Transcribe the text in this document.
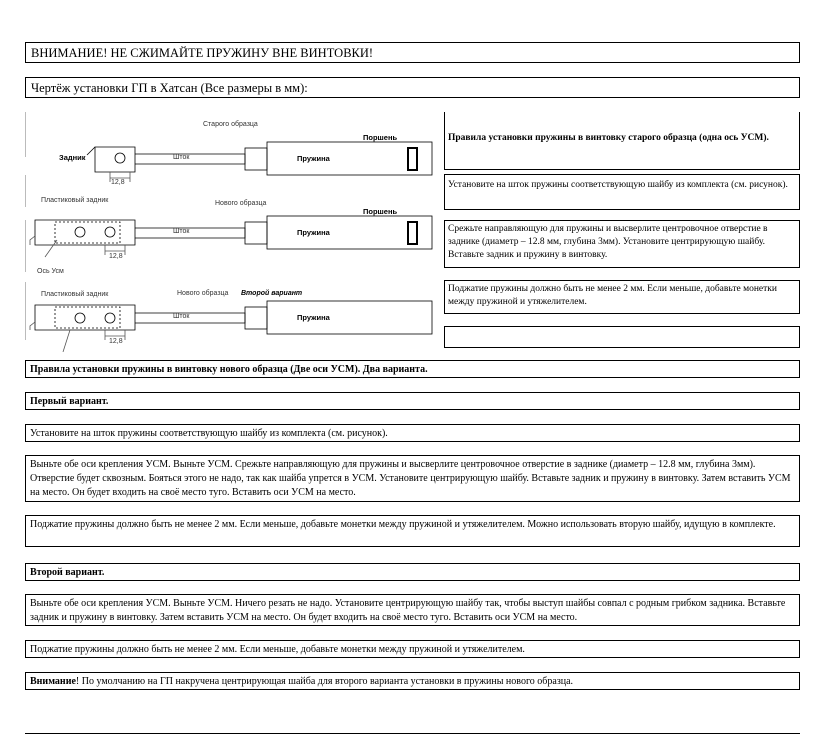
ВНИМАНИЕ! НЕ СЖИМАЙТЕ ПРУЖИНУ ВНЕ ВИНТОВКИ!
Чертёж установки ГП в Хатсан (Все размеры в мм):
Старого образца
Поршень
Задник	Шток	Пружина
12,8
Пластиковый задник	Нового образца
Поршень
Шток	Пружина
12,8
Ось Усм
Пластиковый задник	Нового образца Второй вариант
Шток	Пружина
12,8
Правила установки пружины в винтовку старого образца (одна ось УСМ).
Установите на шток пружины соответствующую шайбу из комплекта (см. рисунок).
Срежьте направляющую для пружины и высверлите центровочное отверстие в заднике (диаметр – 12.8 мм, глубина 3мм). Установите центрирующую шайбу. Вставьте задник и пружину в винтовку.
Поджатие пружины должно быть не менее 2 мм. Если меньше, добавьте монетки между пружиной и утяжелителем.
Правила установки пружины в винтовку нового образца (Две оси УСМ). Два варианта.
Первый вариант.
Установите на шток пружины соответствующую шайбу из комплекта (см. рисунок).
Выньте обе оси крепления УСМ. Выньте УСМ. Срежьте направляющую для пружины и высверлите центровочное отверстие в заднике (диаметр – 12.8 мм, глубина 3мм). Отверстие будет сквозным. Бояться этого не надо, так как шайба упрется в УСМ. Установите центрирующую шайбу. Вставьте задник и пружину в винтовку. Затем вставить УСМ на место. Он будет входить на своё место туго. Вставить оси УСМ на место.
Поджатие пружины должно быть не менее 2 мм. Если меньше, добавьте монетки между пружиной и утяжелителем. Можно использовать вторую шайбу, идущую в комплекте.
Второй вариант.
Выньте обе оси крепления УСМ. Выньте УСМ. Ничего резать не надо. Установите центрирующую шайбу так, чтобы выступ шайбы совпал с родным грибком задника. Вставьте задник и пружину в винтовку. Затем вставить УСМ на место. Он будет входить на своё место туго. Вставить оси УСМ на место.
Поджатие пружины должно быть не менее 2 мм. Если меньше, добавьте монетки между пружиной и утяжелителем.
Внимание! По умолчанию на ГП накручена центрирующая шайба для второго варианта установки в пружины нового образца.
